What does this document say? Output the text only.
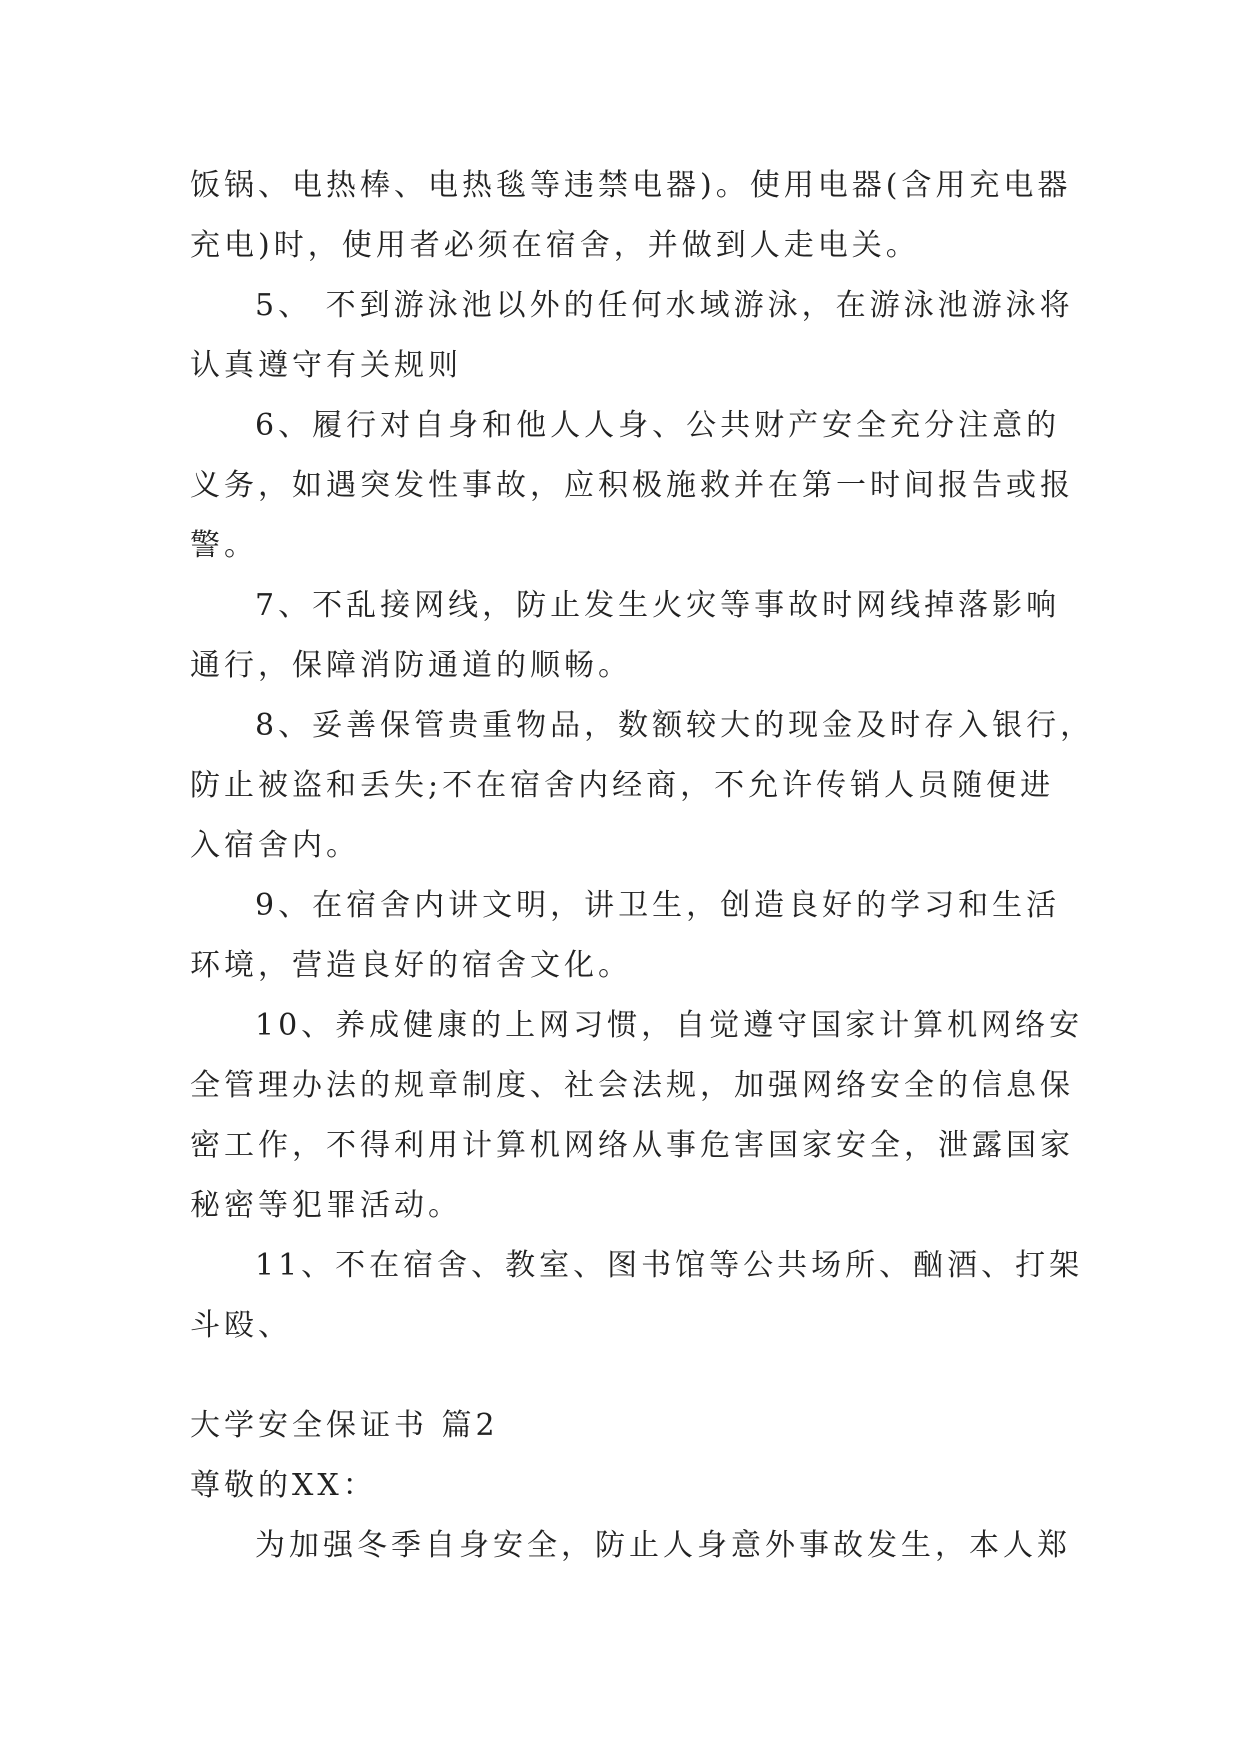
饭锅、电热棒、电热毯等违禁电器)。使用电器(含用充电器
充电)时，使用者必须在宿舍，并做到人走电关。
5、 不到游泳池以外的任何水域游泳，在游泳池游泳将
认真遵守有关规则
6、履行对自身和他人人身、公共财产安全充分注意的
义务，如遇突发性事故，应积极施救并在第一时间报告或报
警。
7、不乱接网线，防止发生火灾等事故时网线掉落影响
通行，保障消防通道的顺畅。
8、妥善保管贵重物品，数额较大的现金及时存入银行，
防止被盗和丢失;不在宿舍内经商，不允许传销人员随便进
入宿舍内。
9、在宿舍内讲文明，讲卫生，创造良好的学习和生活
环境，营造良好的宿舍文化。
10、养成健康的上网习惯，自觉遵守国家计算机网络安
全管理办法的规章制度、社会法规，加强网络安全的信息保
密工作，不得利用计算机网络从事危害国家安全，泄露国家
秘密等犯罪活动。
11、不在宿舍、教室、图书馆等公共场所、酗酒、打架
斗殴、
大学安全保证书 篇2
尊敬的XX：
为加强冬季自身安全，防止人身意外事故发生，本人郑
